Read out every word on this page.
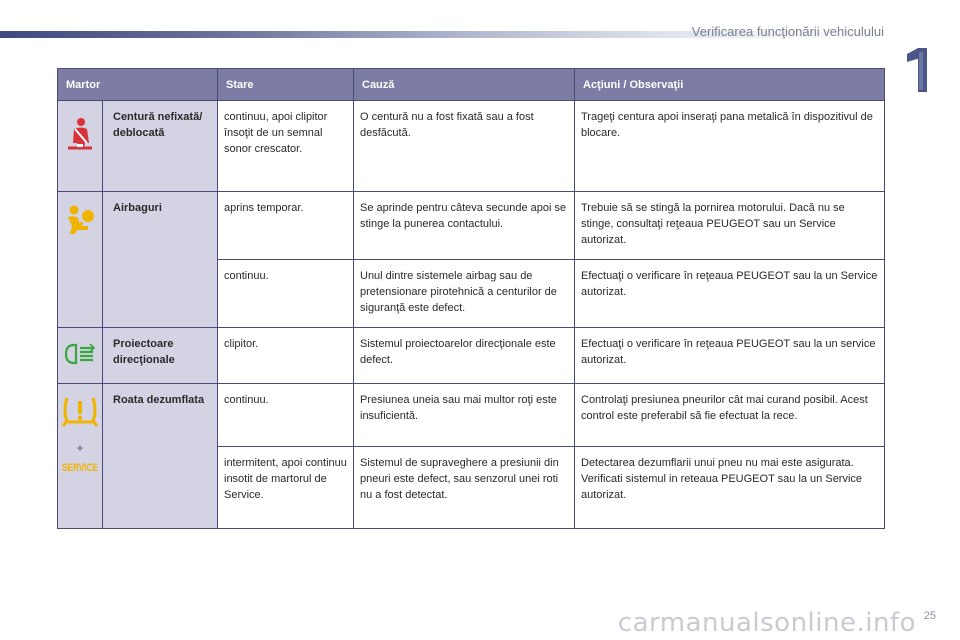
Verificarea funcţionării vehiculului
Martor		Stare	Cauză	Acţiuni / Observaţii

	Centură nefixată/ deblocată	continuu, apoi clipitor însoţit de un semnal sonor crescator.	O centură nu a fost fixată sau a fost desfăcută.	Trageţi centura apoi inseraţi pana metalică în dispozitivul de blocare.

	Airbaguri	aprins temporar.	Se aprinde pentru câteva secunde apoi se stinge la punerea contactului.	Trebuie să se stingă la pornirea motorului. Dacă nu se stinge, consultaţi reţeaua PEUGEOT sau un Service autorizat.
		continuu.	Unul dintre sistemele airbag sau de pretensionare pirotehnică a centurilor de siguranţă este defect.	Efectuaţi o verificare în reţeaua PEUGEOT sau la un Service autorizat.

	Proiectoare direcţionale	clipitor.	Sistemul proiectoarelor direcţionale este defect.	Efectuaţi o verificare în reţeaua PEUGEOT sau la un service autorizat.

+
SERVICE	Roata dezumflata	continuu.	Presiunea uneia sau mai multor roţi este insuficientă.	Controlaţi presiunea pneurilor cât mai curand posibil. Acest control este preferabil să fie efectuat la rece.
		intermitent, apoi continuu insotit de martorul de Service.	Sistemul de supraveghere a presiunii din pneuri este defect, sau senzorul unei roti nu a fost detectat.	Detectarea dezumflarii unui pneu nu mai este asigurata. Verificati sistemul in reteaua PEUGEOT sau la un Service autorizat.
25
carmanualsonline.info
